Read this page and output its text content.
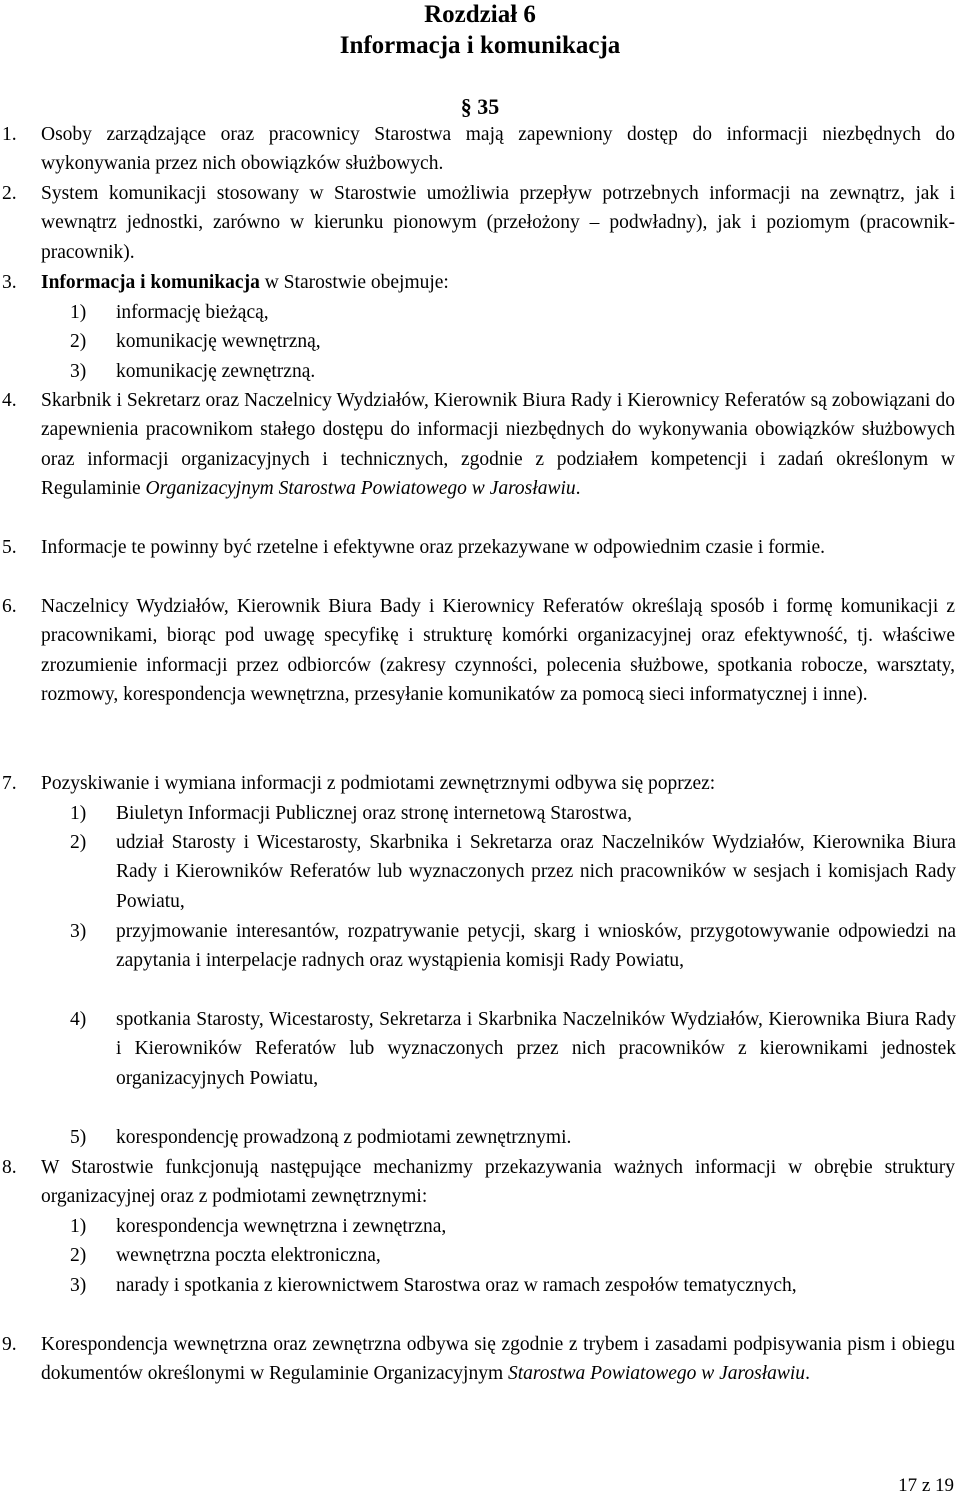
Rozdział 6
Informacja i komunikacja
§ 35
1. Osoby zarządzające oraz pracownicy Starostwa mają zapewniony dostęp do informacji niezbędnych do wykonywania przez nich obowiązków służbowych.
2. System komunikacji stosowany w Starostwie umożliwia przepływ potrzebnych informacji na zewnątrz, jak i wewnątrz jednostki, zarówno w kierunku pionowym (przełożony – podwładny), jak i poziomym (pracownik-pracownik).
3. Informacja i komunikacja w Starostwie obejmuje:
1) informację bieżącą,
2) komunikację wewnętrzną,
3) komunikację zewnętrzną.
4. Skarbnik i Sekretarz oraz Naczelnicy Wydziałów, Kierownik Biura Rady i Kierownicy Referatów są zobowiązani do zapewnienia pracownikom stałego dostępu do informacji niezbędnych do wykonywania obowiązków służbowych oraz informacji organizacyjnych i technicznych, zgodnie z podziałem kompetencji i zadań określonym w Regulaminie Organizacyjnym Starostwa Powiatowego w Jarosławiu.
5. Informacje te powinny być rzetelne i efektywne oraz przekazywane w odpowiednim czasie i formie.
6. Naczelnicy Wydziałów, Kierownik Biura Bady i Kierownicy Referatów określają sposób i formę komunikacji z pracownikami, biorąc pod uwagę specyfikę i strukturę komórki organizacyjnej oraz efektywność, tj. właściwe zrozumienie informacji przez odbiorców (zakresy czynności, polecenia służbowe, spotkania robocze, warsztaty, rozmowy, korespondencja wewnętrzna, przesyłanie komunikatów za pomocą sieci informatycznej i inne).
7. Pozyskiwanie i wymiana informacji z podmiotami zewnętrznymi odbywa się poprzez:
1) Biuletyn Informacji Publicznej oraz stronę internetową Starostwa,
2) udział Starosty i Wicestarosty, Skarbnika i Sekretarza oraz Naczelników Wydziałów, Kierownika Biura Rady i Kierowników Referatów lub wyznaczonych przez nich pracowników w sesjach i komisjach Rady Powiatu,
3) przyjmowanie interesantów, rozpatrywanie petycji, skarg i wniosków, przygotowywanie odpowiedzi na zapytania i interpelacje radnych oraz wystąpienia komisji Rady Powiatu,
4) spotkania Starosty, Wicestarosty, Sekretarza i Skarbnika Naczelników Wydziałów, Kierownika Biura Rady i Kierowników Referatów lub wyznaczonych przez nich pracowników z kierownikami jednostek organizacyjnych Powiatu,
5) korespondencję prowadzoną z podmiotami zewnętrznymi.
8. W Starostwie funkcjonują następujące mechanizmy przekazywania ważnych informacji w obrębie struktury organizacyjnej oraz z podmiotami zewnętrznymi:
1) korespondencja wewnętrzna i zewnętrzna,
2) wewnętrzna poczta elektroniczna,
3) narady i spotkania z kierownictwem Starostwa oraz w ramach zespołów tematycznych,
9. Korespondencja wewnętrzna oraz zewnętrzna odbywa się zgodnie z trybem i zasadami podpisywania pism i obiegu dokumentów określonymi w Regulaminie Organizacyjnym Starostwa Powiatowego w Jarosławiu.
17 z 19
